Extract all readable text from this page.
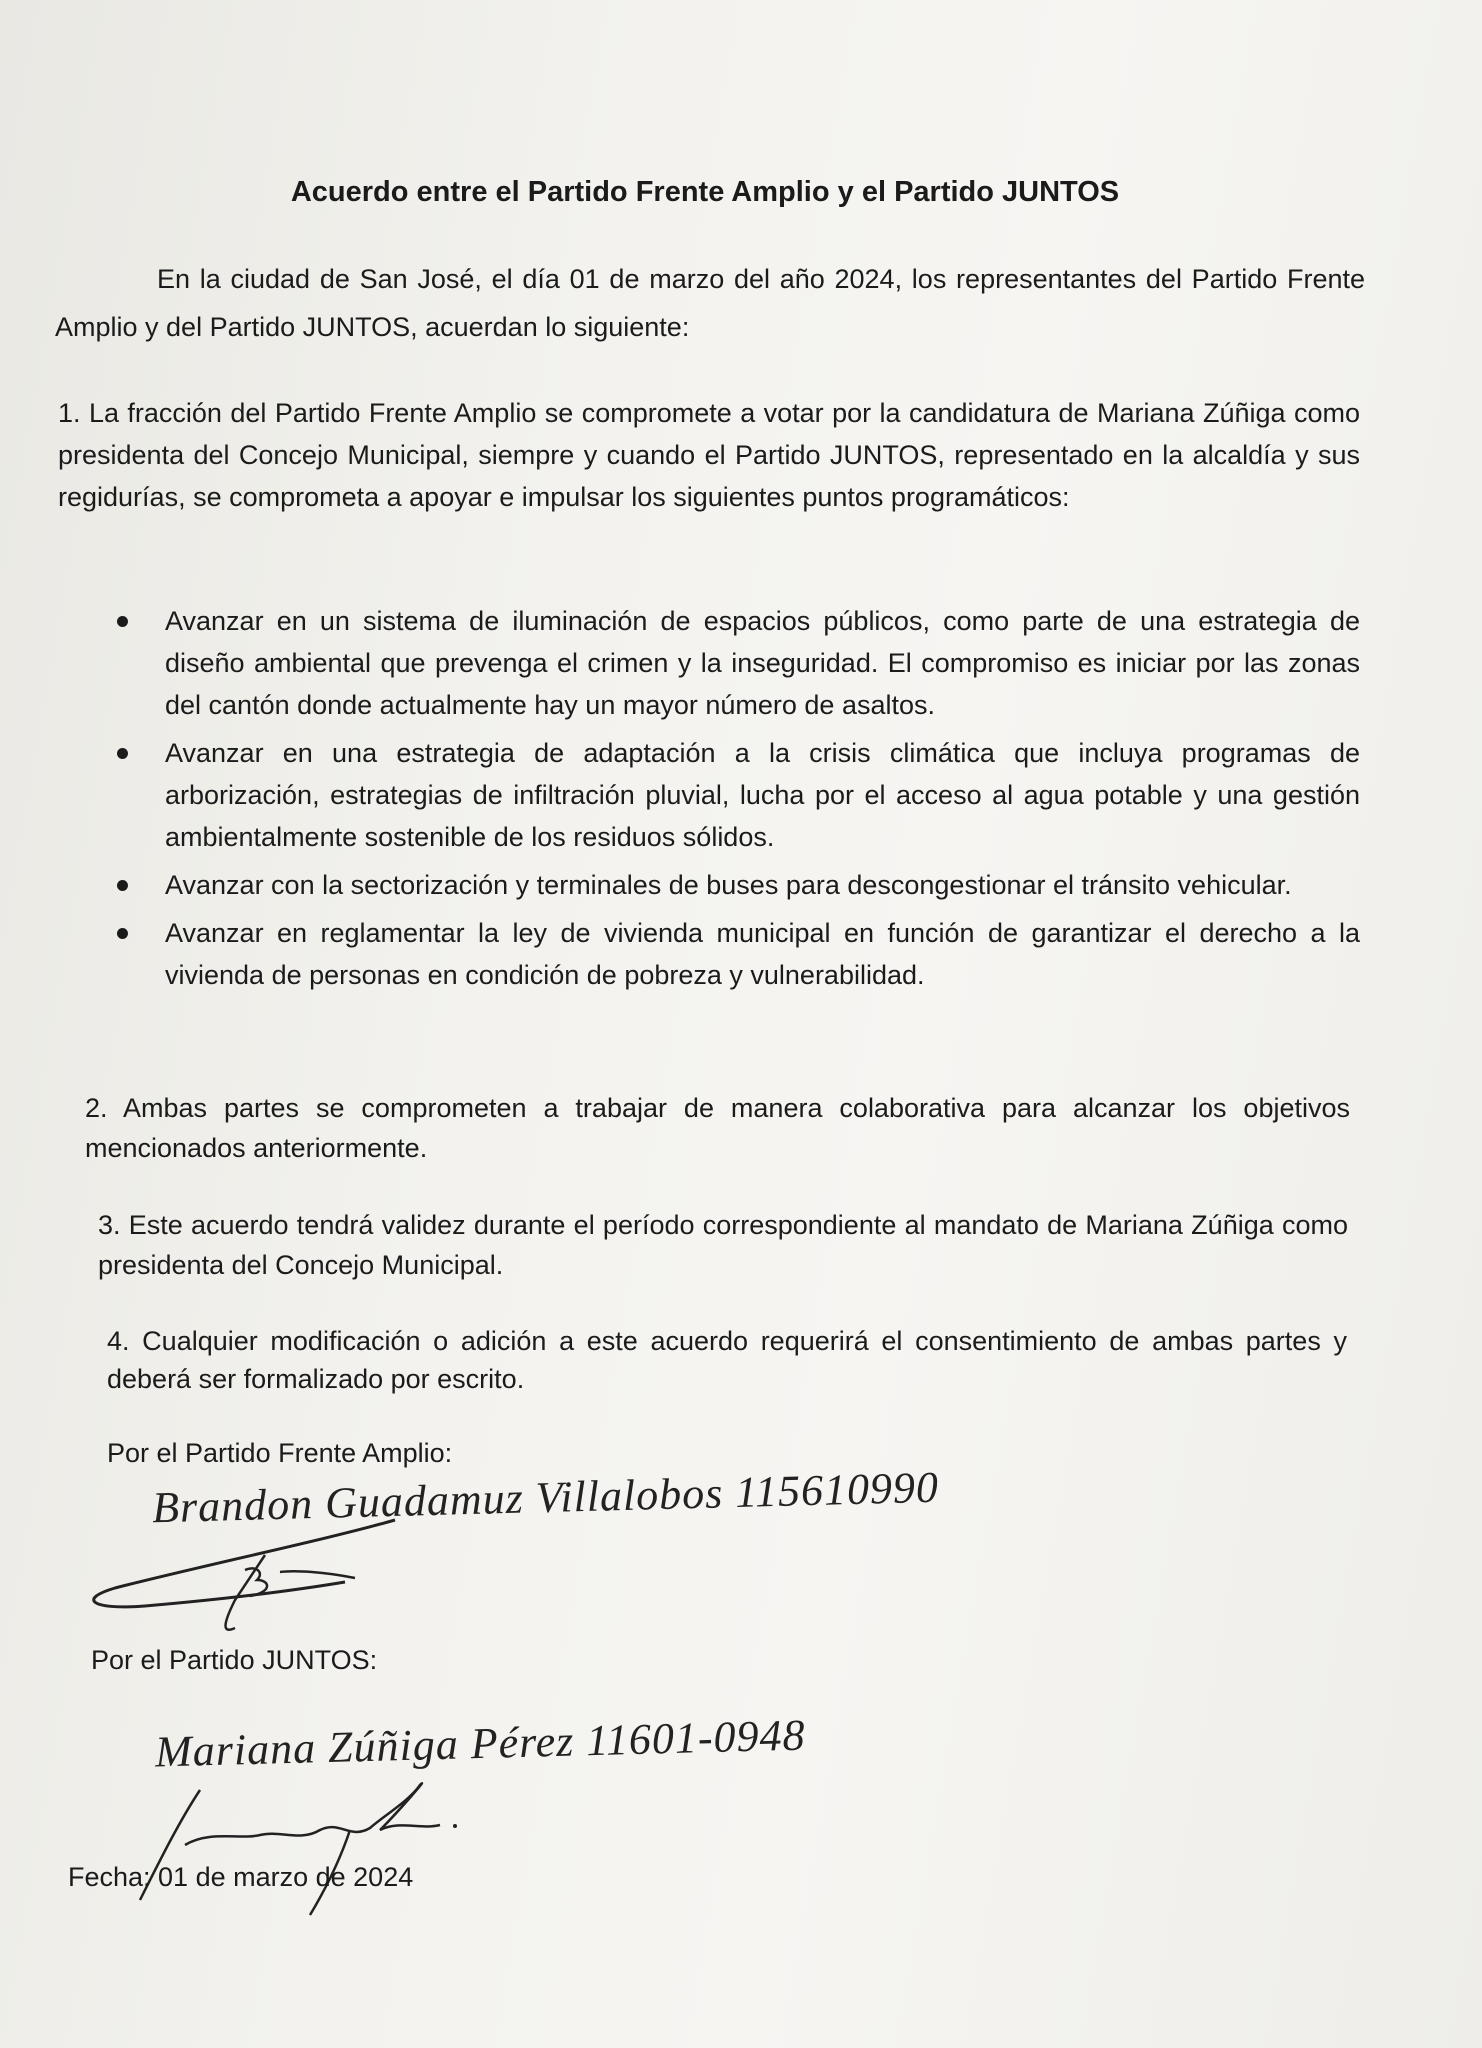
Acuerdo entre el Partido Frente Amplio y el Partido JUNTOS
En la ciudad de San José, el día 01 de marzo del año 2024, los representantes del Partido Frente Amplio y del Partido JUNTOS, acuerdan lo siguiente:
1. La fracción del Partido Frente Amplio se compromete a votar por la candidatura de Mariana Zúñiga como presidenta del Concejo Municipal, siempre y cuando el Partido JUNTOS, representado en la alcaldía y sus regidurías, se comprometa a apoyar e impulsar los siguientes puntos programáticos:
Avanzar en un sistema de iluminación de espacios públicos, como parte de una estrategia de diseño ambiental que prevenga el crimen y la inseguridad. El compromiso es iniciar por las zonas del cantón donde actualmente hay un mayor número de asaltos.
Avanzar en una estrategia de adaptación a la crisis climática que incluya programas de arborización, estrategias de infiltración pluvial, lucha por el acceso al agua potable y una gestión ambientalmente sostenible de los residuos sólidos.
Avanzar con la sectorización y terminales de buses para descongestionar el tránsito vehicular.
Avanzar en reglamentar la ley de vivienda municipal en función de garantizar el derecho a la vivienda de personas en condición de pobreza y vulnerabilidad.
2. Ambas partes se comprometen a trabajar de manera colaborativa para alcanzar los objetivos mencionados anteriormente.
3. Este acuerdo tendrá validez durante el período correspondiente al mandato de Mariana Zúñiga como presidenta del Concejo Municipal.
4. Cualquier modificación o adición a este acuerdo requerirá el consentimiento de ambas partes y deberá ser formalizado por escrito.
Por el Partido Frente Amplio:
Brandon Guadamuz Villalobos 115610990
Por el Partido JUNTOS:
Mariana Zúñiga Pérez 11601-0948
Fecha: 01 de marzo de 2024
